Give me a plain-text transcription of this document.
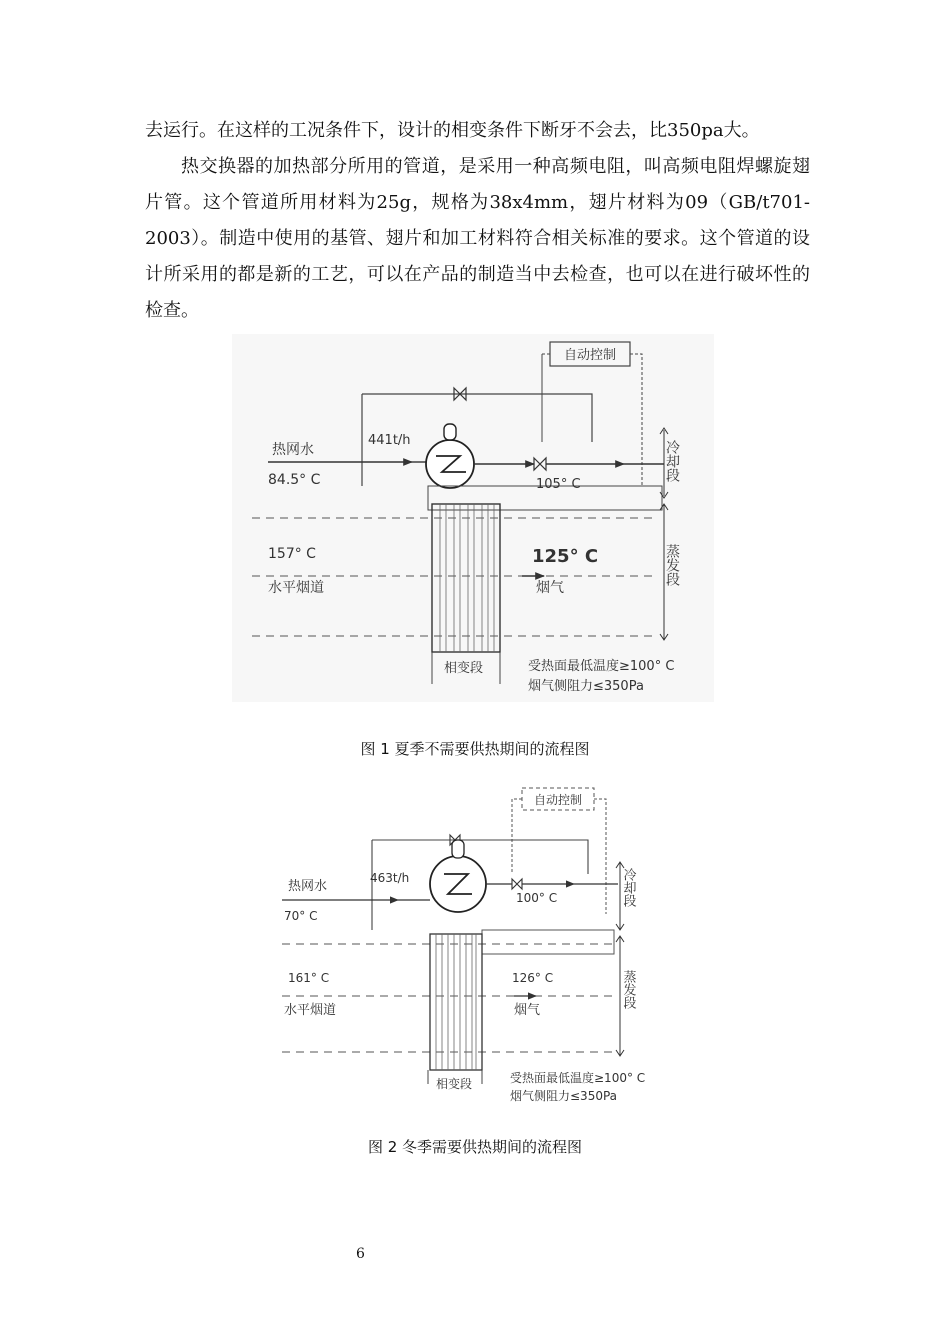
去运行。在这样的工况条件下，设计的相变条件下断牙不会去，比350pa大。
热交换器的加热部分所用的管道，是采用一种高频电阻，叫高频电阻焊螺旋翅片管。这个管道所用材料为25g，规格为38x4mm，翅片材料为09（GB/t701-2003）。制造中使用的基管、翅片和加工材料符合相关标准的要求。这个管道的设计所采用的都是新的工艺，可以在产品的制造当中去检查，也可以在进行破坏性的检查。
自动控制
热网水
84.5° C
441t/h
105° C
157° C	125° C
水平烟道	烟气
相变段	受热面最低温度≥100° C
烟气侧阻力≤350Pa
冷却段
蒸发段
图 1 夏季不需要供热期间的流程图
自动控制
热网水
70° C
463t/h
100° C
161° C	126° C
水平烟道	烟气
相变段	受热面最低温度≥100° C
烟气侧阻力≤350Pa
冷却段
蒸发段
图 2 冬季需要供热期间的流程图
6
